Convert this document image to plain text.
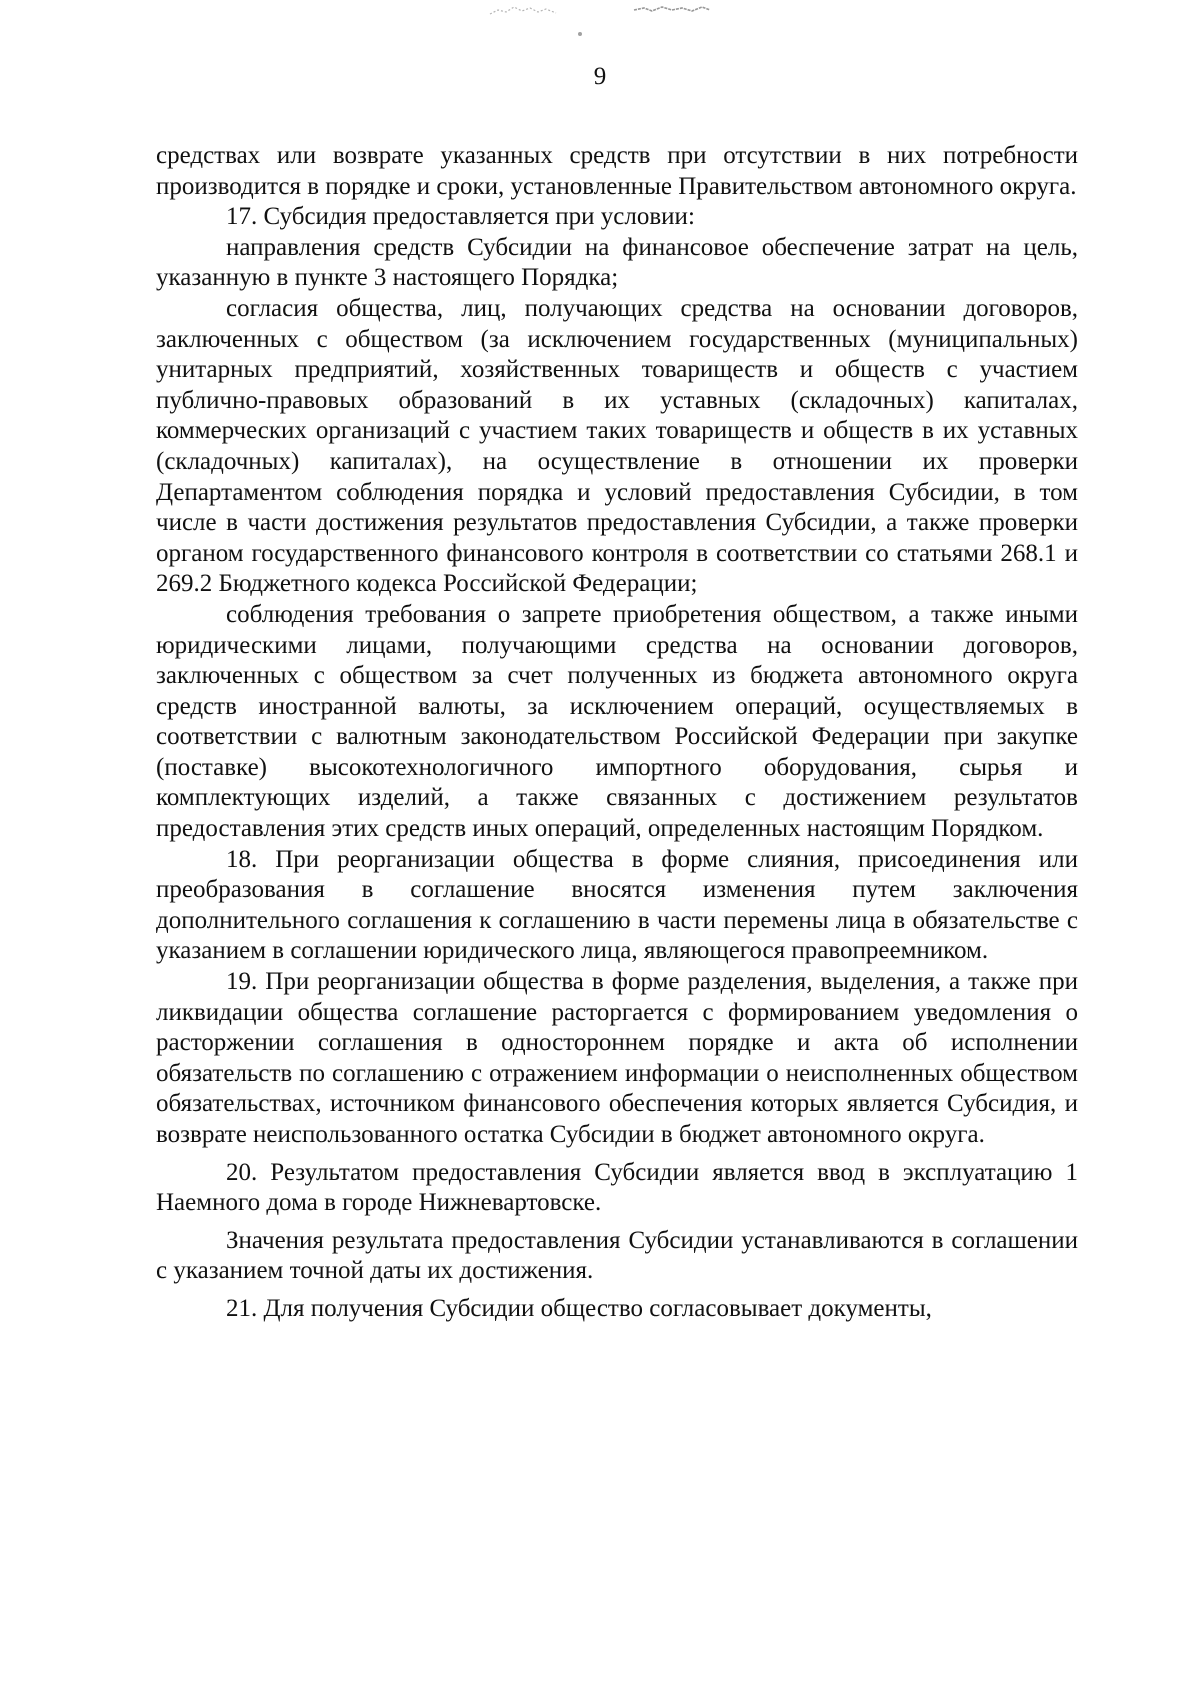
9

средствах или возврате указанных средств при отсутствии в них потребности производится в порядке и сроки, установленные Правительством автономного округа.

17. Субсидия предоставляется при условии:

направления средств Субсидии на финансовое обеспечение затрат на цель, указанную в пункте 3 настоящего Порядка;

согласия общества, лиц, получающих средства на основании договоров, заключенных с обществом (за исключением государственных (муниципальных) унитарных предприятий, хозяйственных товариществ и обществ с участием публично-правовых образований в их уставных (складочных) капиталах, коммерческих организаций с участием таких товариществ и обществ в их уставных (складочных) капиталах), на осуществление в отношении их проверки Департаментом соблюдения порядка и условий предоставления Субсидии, в том числе в части достижения результатов предоставления Субсидии, а также проверки органом государственного финансового контроля в соответствии со статьями 268.1 и 269.2 Бюджетного кодекса Российской Федерации;

соблюдения требования о запрете приобретения обществом, а также иными юридическими лицами, получающими средства на основании договоров, заключенных с обществом за счет полученных из бюджета автономного округа средств иностранной валюты, за исключением операций, осуществляемых в соответствии с валютным законодательством Российской Федерации при закупке (поставке) высокотехнологичного импортного оборудования, сырья и комплектующих изделий, а также связанных с достижением результатов предоставления этих средств иных операций, определенных настоящим Порядком.

18. При реорганизации общества в форме слияния, присоединения или преобразования в соглашение вносятся изменения путем заключения дополнительного соглашения к соглашению в части перемены лица в обязательстве с указанием в соглашении юридического лица, являющегося правопреемником.

19. При реорганизации общества в форме разделения, выделения, а также при ликвидации общества соглашение расторгается с формированием уведомления о расторжении соглашения в одностороннем порядке и акта об исполнении обязательств по соглашению с отражением информации о неисполненных обществом обязательствах, источником финансового обеспечения которых является Субсидия, и возврате неиспользованного остатка Субсидии в бюджет автономного округа.

20. Результатом предоставления Субсидии является ввод в эксплуатацию 1 Наемного дома в городе Нижневартовске.

Значения результата предоставления Субсидии устанавливаются в соглашении с указанием точной даты их достижения.

21. Для получения Субсидии общество согласовывает документы,
